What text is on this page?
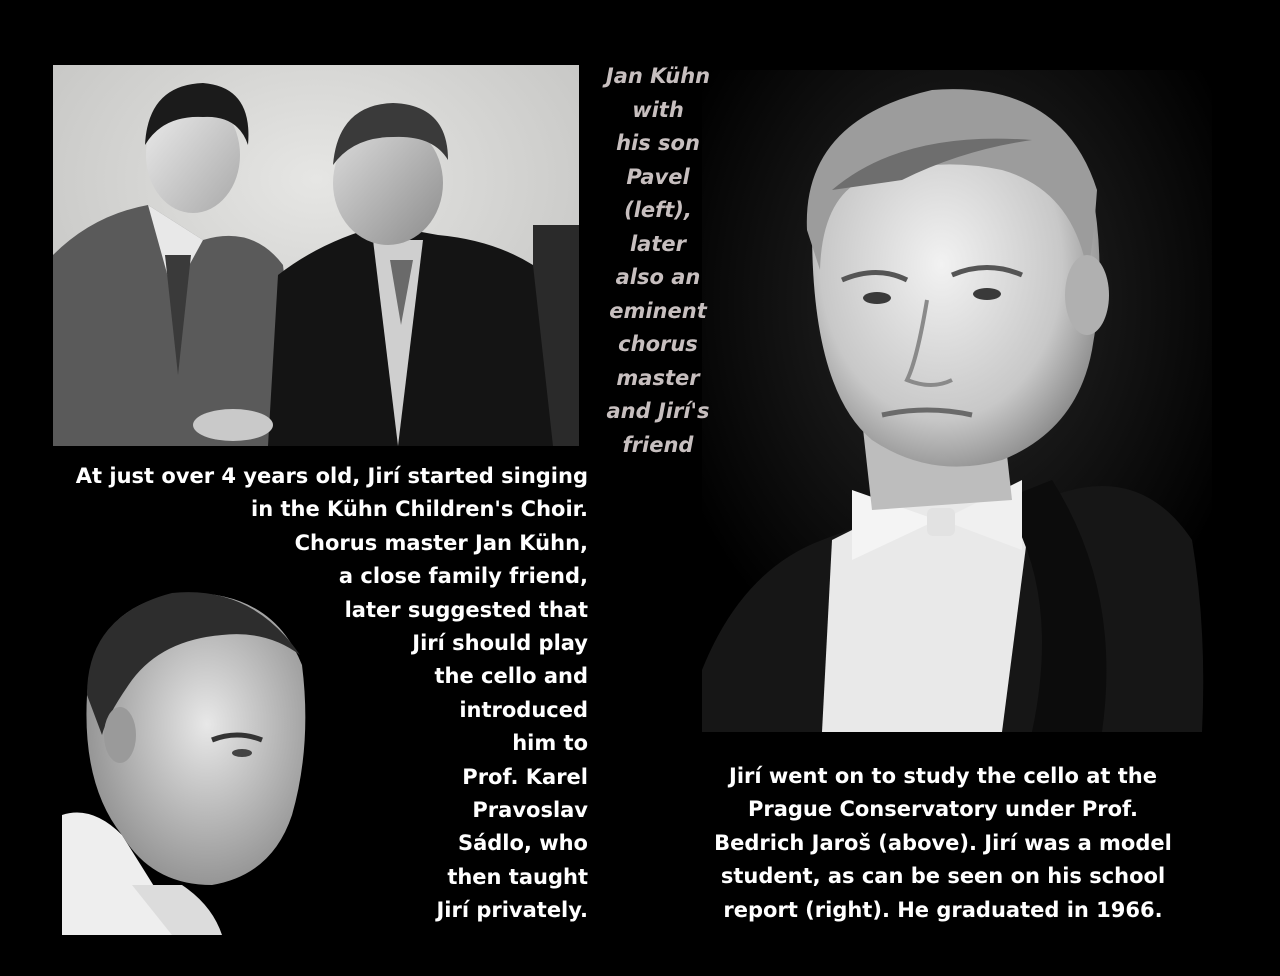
Jan Kühn
with
his son
Pavel
(left),
later
also an
eminent
chorus
master
and Jirí's
friend
At just over 4 years old, Jirí started singing
in the Kühn Children's Choir.
Chorus master Jan Kühn,
a close family friend,
later suggested that
Jirí should play
the cello and
introduced
him to
Prof. Karel
Pravoslav
Sádlo, who
then taught
Jirí privately.
Jirí went on to study the cello at the
Prague Conservatory under Prof.
Bedrich Jaroš (above). Jirí was a model
student, as can be seen on his school
report (right). He graduated in 1966.
